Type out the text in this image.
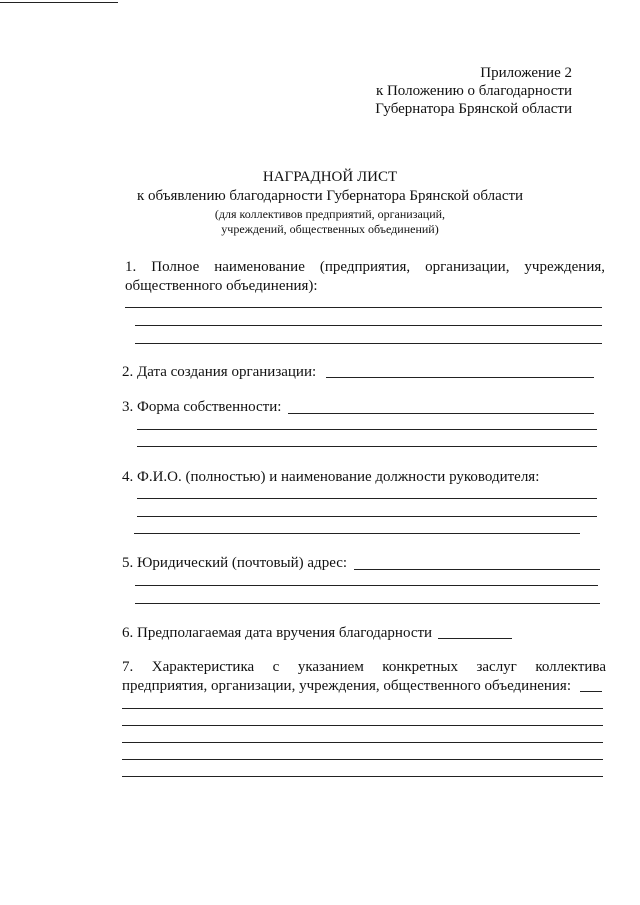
Приложение 2
к Положению о благодарности
Губернатора Брянской области
НАГРАДНОЙ ЛИСТ
к объявлению благодарности Губернатора Брянской области
(для коллективов предприятий, организаций,
учреждений, общественных объединений)
1. Полное наименование (предприятия, организации, учреждения,
общественного объединения):
2. Дата создания организации:
3. Форма собственности:
4. Ф.И.О. (полностью) и наименование должности руководителя:
5. Юридический (почтовый) адрес:
6. Предполагаемая дата вручения благодарности
7. Характеристика с указанием конкретных заслуг коллектива
предприятия, организации, учреждения, общественного объединения:
